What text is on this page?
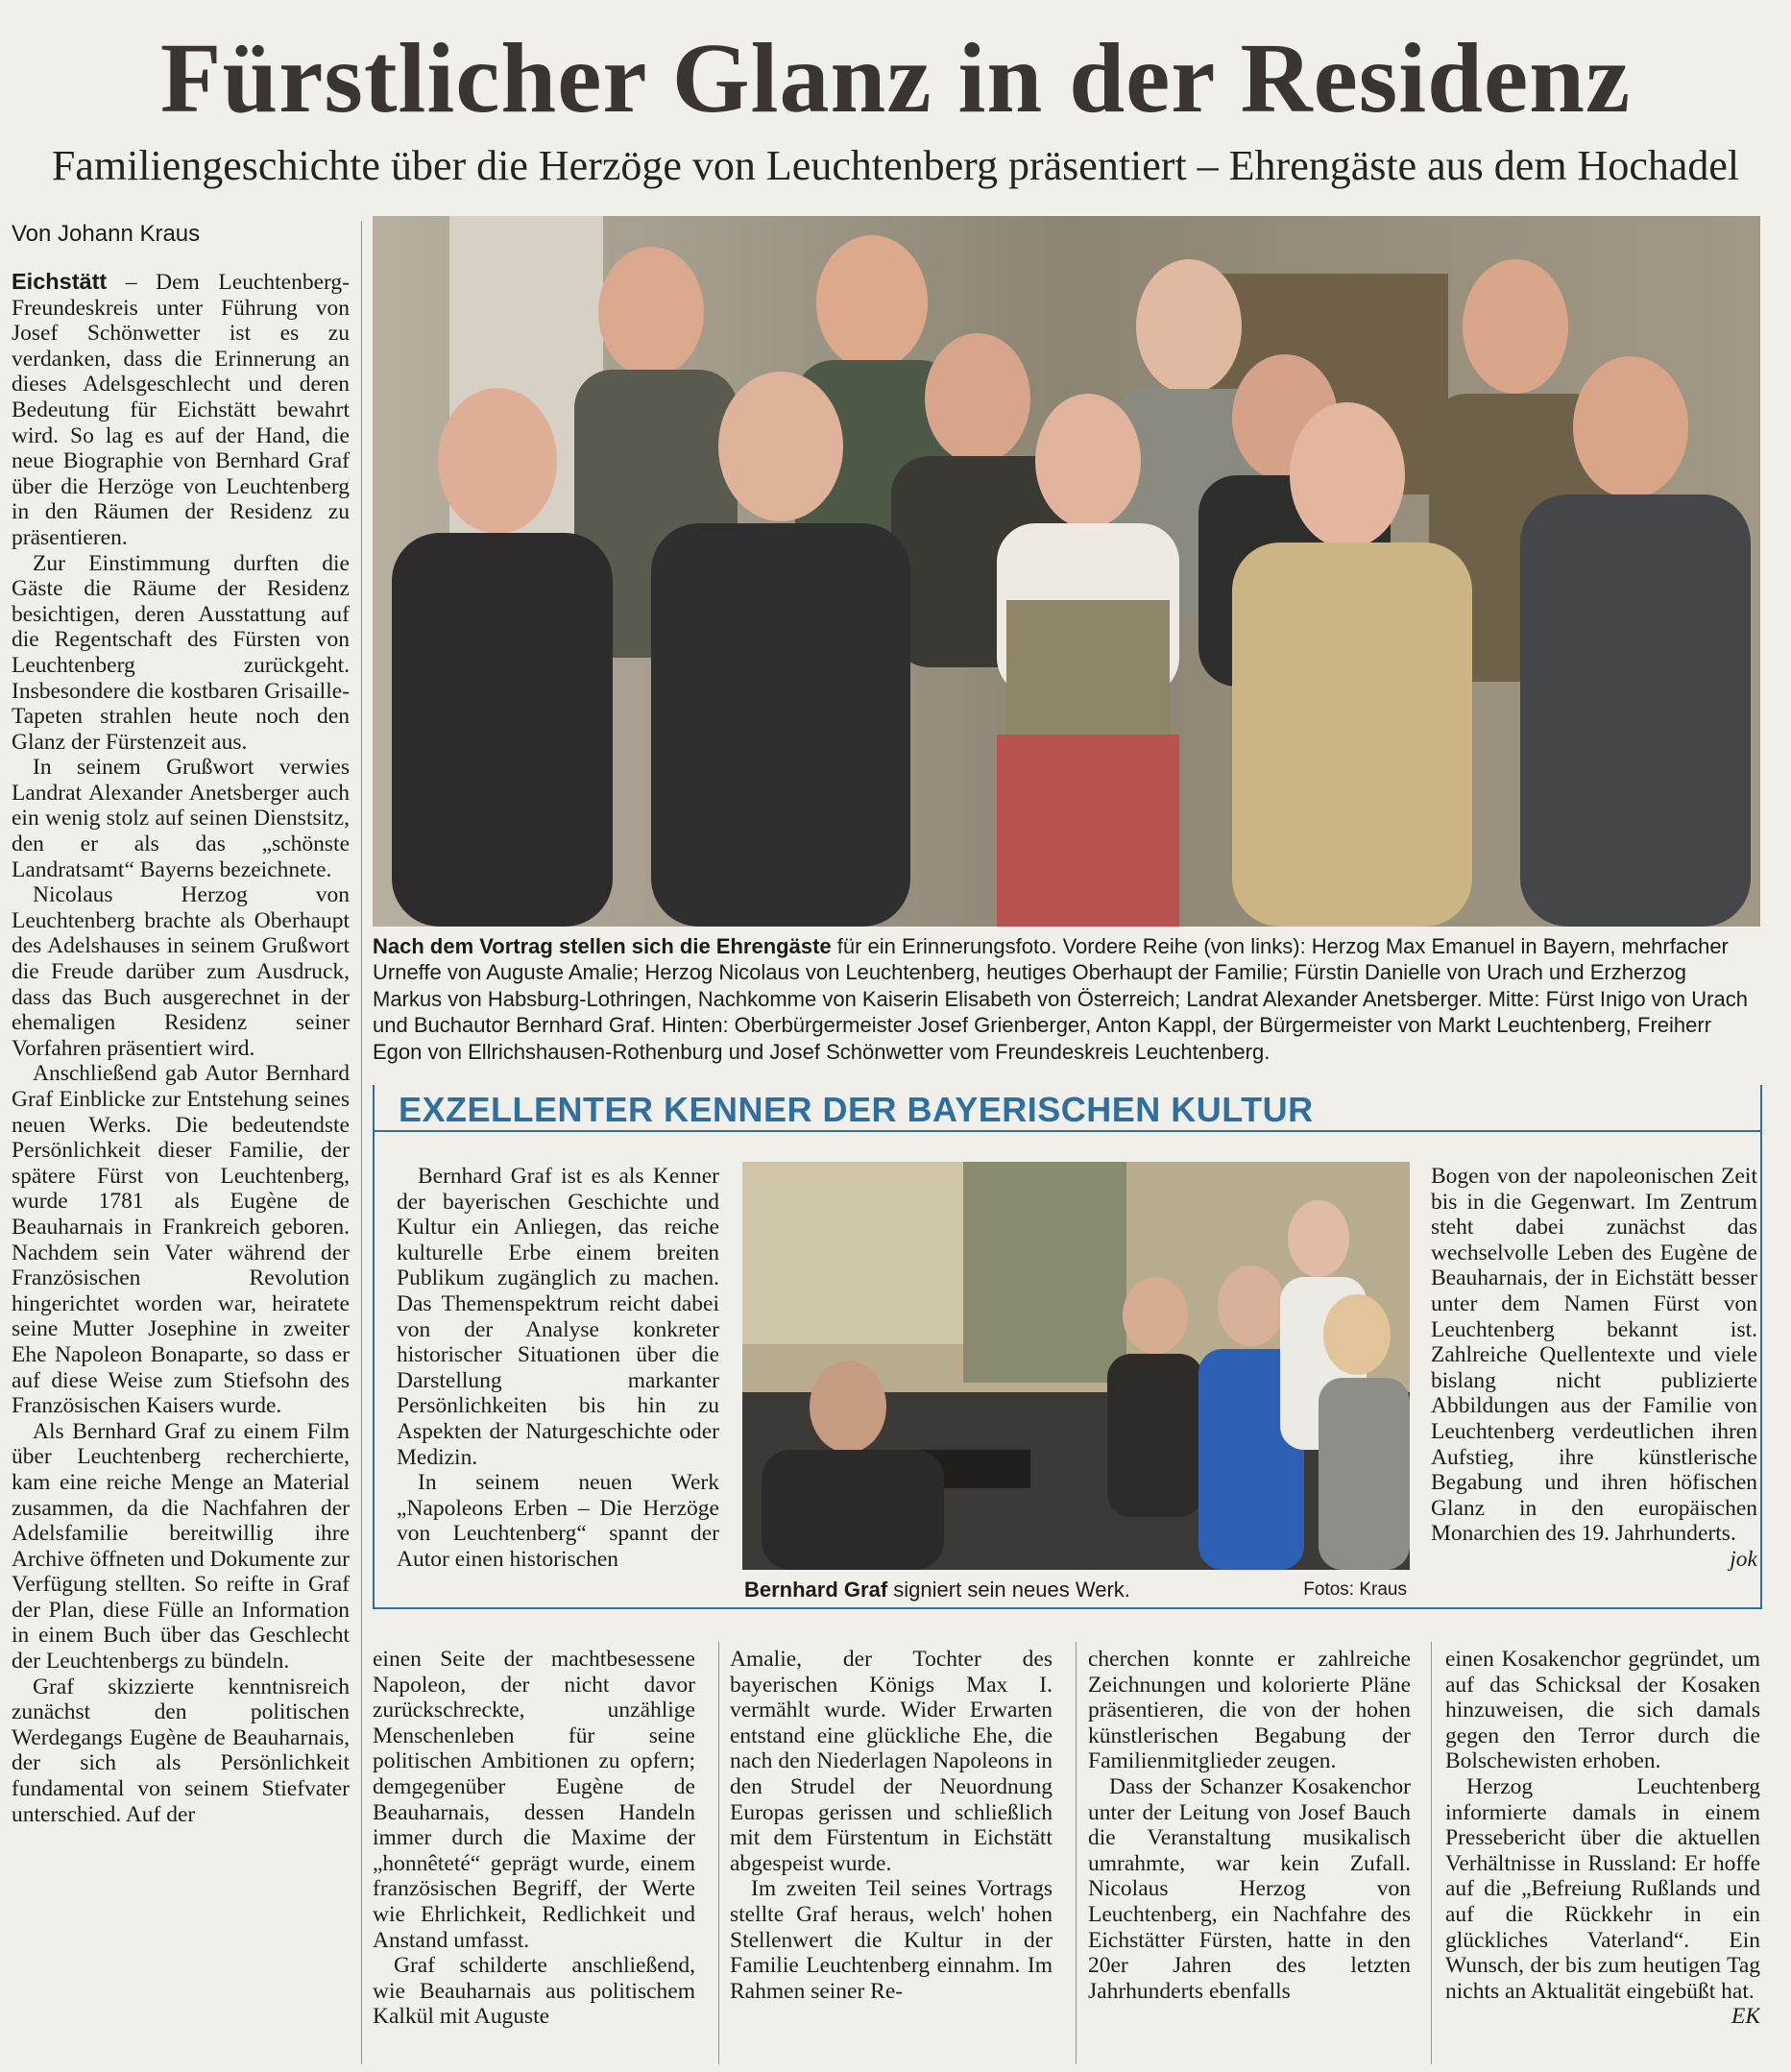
Fürstlicher Glanz in der Residenz
Familiengeschichte über die Herzöge von Leuchtenberg präsentiert – Ehrengäste aus dem Hochadel
Von Johann Kraus

Eichstätt – Dem Leuchtenberg-Freundeskreis unter Führung von Josef Schönwetter ist es zu verdanken, dass die Erinnerung an dieses Adelsgeschlecht und deren Bedeutung für Eichstätt bewahrt wird. So lag es auf der Hand, die neue Biographie von Bernhard Graf über die Herzöge von Leuchtenberg in den Räumen der Residenz zu präsentieren.

Zur Einstimmung durften die Gäste die Räume der Residenz besichtigen, deren Ausstattung auf die Regentschaft des Fürsten von Leuchtenberg zurückgeht. Insbesondere die kostbaren Grisaille-Tapeten strahlen heute noch den Glanz der Fürstenzeit aus.

In seinem Grußwort verwies Landrat Alexander Anetsberger auch ein wenig stolz auf seinen Dienstsitz, den er als das „schönste Landratsamt“ Bayerns bezeichnete.

Nicolaus Herzog von Leuchtenberg brachte als Oberhaupt des Adelshauses in seinem Grußwort die Freude darüber zum Ausdruck, dass das Buch ausgerechnet in der ehemaligen Residenz seiner Vorfahren präsentiert wird.

Anschließend gab Autor Bernhard Graf Einblicke zur Entstehung seines neuen Werks. Die bedeutendste Persönlichkeit dieser Familie, der spätere Fürst von Leuchtenberg, wurde 1781 als Eugène de Beauharnais in Frankreich geboren. Nachdem sein Vater während der Französischen Revolution hingerichtet worden war, heiratete seine Mutter Josephine in zweiter Ehe Napoleon Bonaparte, so dass er auf diese Weise zum Stiefsohn des Französischen Kaisers wurde.

Als Bernhard Graf zu einem Film über Leuchtenberg recherchierte, kam eine reiche Menge an Material zusammen, da die Nachfahren der Adelsfamilie bereitwillig ihre Archive öffneten und Dokumente zur Verfügung stellten. So reifte in Graf der Plan, diese Fülle an Information in einem Buch über das Geschlecht der Leuchtenbergs zu bündeln.

Graf skizzierte kenntnisreich zunächst den politischen Werdegangs Eugène de Beauharnais, der sich als Persönlichkeit fundamental von seinem Stiefvater unterschied. Auf der

Nach dem Vortrag stellen sich die Ehrengäste für ein Erinnerungsfoto. Vordere Reihe (von links): Herzog Max Emanuel in Bayern, mehrfacher Urneffe von Auguste Amalie; Herzog Nicolaus von Leuchtenberg, heutiges Oberhaupt der Familie; Fürstin Danielle von Urach und Erzherzog Markus von Habsburg-Lothringen, Nachkomme von Kaiserin Elisabeth von Österreich; Landrat Alexander Anetsberger. Mitte: Fürst Inigo von Urach und Buchautor Bernhard Graf. Hinten: Oberbürgermeister Josef Grienberger, Anton Kappl, der Bürgermeister von Markt Leuchtenberg, Freiherr Egon von Ellrichshausen-Rothenburg und Josef Schönwetter vom Freundeskreis Leuchtenberg.
EXZELLENTER KENNER DER BAYERISCHEN KULTUR

Bernhard Graf ist es als Kenner der bayerischen Geschichte und Kultur ein Anliegen, das reiche kulturelle Erbe einem breiten Publikum zugänglich zu machen. Das Themenspektrum reicht dabei von der Analyse konkreter historischer Situationen über die Darstellung markanter Persönlichkeiten bis hin zu Aspekten der Naturgeschichte oder Medizin.

In seinem neuen Werk „Napoleons Erben – Die Herzöge von Leuchtenberg“ spannt der Autor einen historischen

Bernhard Graf signiert sein neues Werk.	Fotos: Kraus

Bogen von der napoleonischen Zeit bis in die Gegenwart. Im Zentrum steht dabei zunächst das wechselvolle Leben des Eugène de Beauharnais, der in Eichstätt besser unter dem Namen Fürst von Leuchtenberg bekannt ist. Zahlreiche Quellentexte und viele bislang nicht publizierte Abbildungen aus der Familie von Leuchtenberg verdeutlichen ihren Aufstieg, ihre künstlerische Begabung und ihren höfischen Glanz in den europäischen Monarchien des 19. Jahrhunderts.

jok

einen Seite der machtbesessene Napoleon, der nicht davor zurückschreckte, unzählige Menschenleben für seine politischen Ambitionen zu opfern; demgegenüber Eugène de Beauharnais, dessen Handeln immer durch die Maxime der „honnêteté“ geprägt wurde, einem französischen Begriff, der Werte wie Ehrlichkeit, Redlichkeit und Anstand umfasst.

Graf schilderte anschließend, wie Beauharnais aus politischem Kalkül mit Auguste

Amalie, der Tochter des bayerischen Königs Max I. vermählt wurde. Wider Erwarten entstand eine glückliche Ehe, die nach den Niederlagen Napoleons in den Strudel der Neuordnung Europas gerissen und schließlich mit dem Fürstentum in Eichstätt abgespeist wurde.

Im zweiten Teil seines Vortrags stellte Graf heraus, welch' hohen Stellenwert die Kultur in der Familie Leuchtenberg einnahm. Im Rahmen seiner Re-

cherchen konnte er zahlreiche Zeichnungen und kolorierte Pläne präsentieren, die von der hohen künstlerischen Begabung der Familienmitglieder zeugen.

Dass der Schanzer Kosakenchor unter der Leitung von Josef Bauch die Veranstaltung musikalisch umrahmte, war kein Zufall. Nicolaus Herzog von Leuchtenberg, ein Nachfahre des Eichstätter Fürsten, hatte in den 20er Jahren des letzten Jahrhunderts ebenfalls

einen Kosakenchor gegründet, um auf das Schicksal der Kosaken hinzuweisen, die sich damals gegen den Terror durch die Bolschewisten erhoben.

Herzog Leuchtenberg informierte damals in einem Pressebericht über die aktuellen Verhältnisse in Russland: Er hoffe auf die „Befreiung Rußlands und auf die Rückkehr in ein glückliches Vaterland“. Ein Wunsch, der bis zum heutigen Tag nichts an Aktualität eingebüßt hat.

EK
